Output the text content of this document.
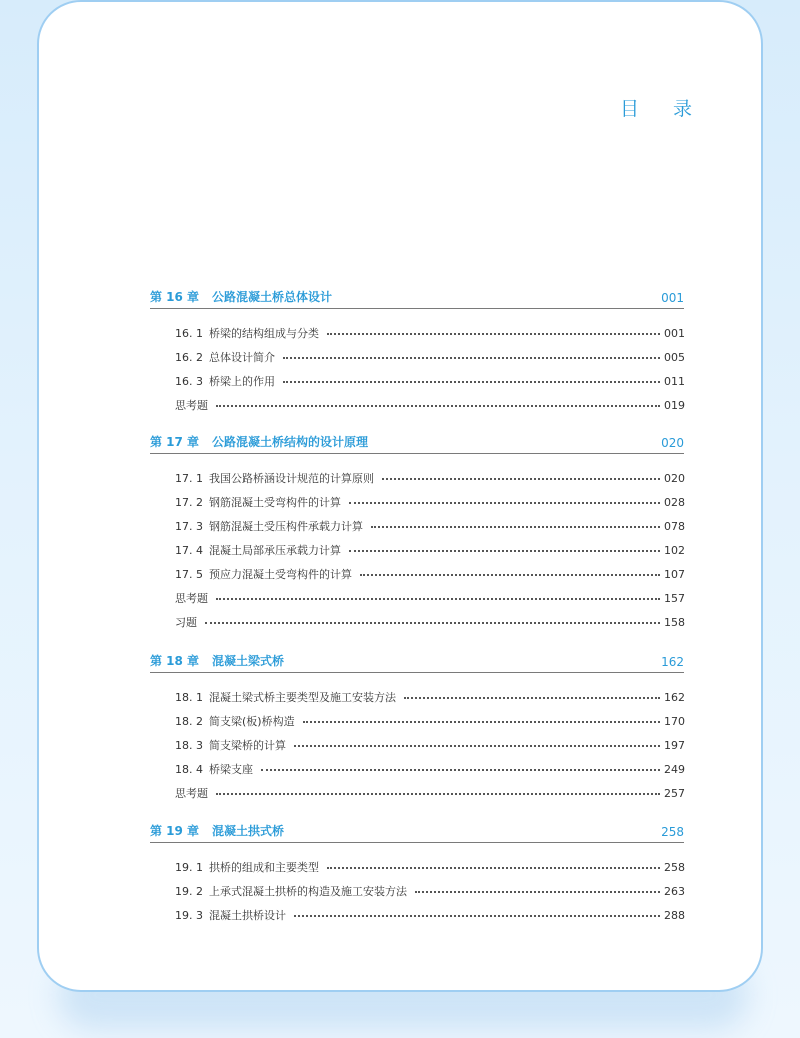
目 录
第 16 章 公路混凝土桥总体设计	001
16. 1 桥梁的结构组成与分类	001
16. 2 总体设计简介	005
16. 3 桥梁上的作用	011
思考题	019
第 17 章 公路混凝土桥结构的设计原理	020
17. 1 我国公路桥涵设计规范的计算原则	020
17. 2 钢筋混凝土受弯构件的计算	028
17. 3 钢筋混凝土受压构件承载力计算	078
17. 4 混凝土局部承压承载力计算	102
17. 5 预应力混凝土受弯构件的计算	107
思考题	157
习题	158
第 18 章 混凝土梁式桥	162
18. 1 混凝土梁式桥主要类型及施工安装方法	162
18. 2 简支梁(板)桥构造	170
18. 3 简支梁桥的计算	197
18. 4 桥梁支座	249
思考题	257
第 19 章 混凝土拱式桥	258
19. 1 拱桥的组成和主要类型	258
19. 2 上承式混凝土拱桥的构造及施工安装方法	263
19. 3 混凝土拱桥设计	288
